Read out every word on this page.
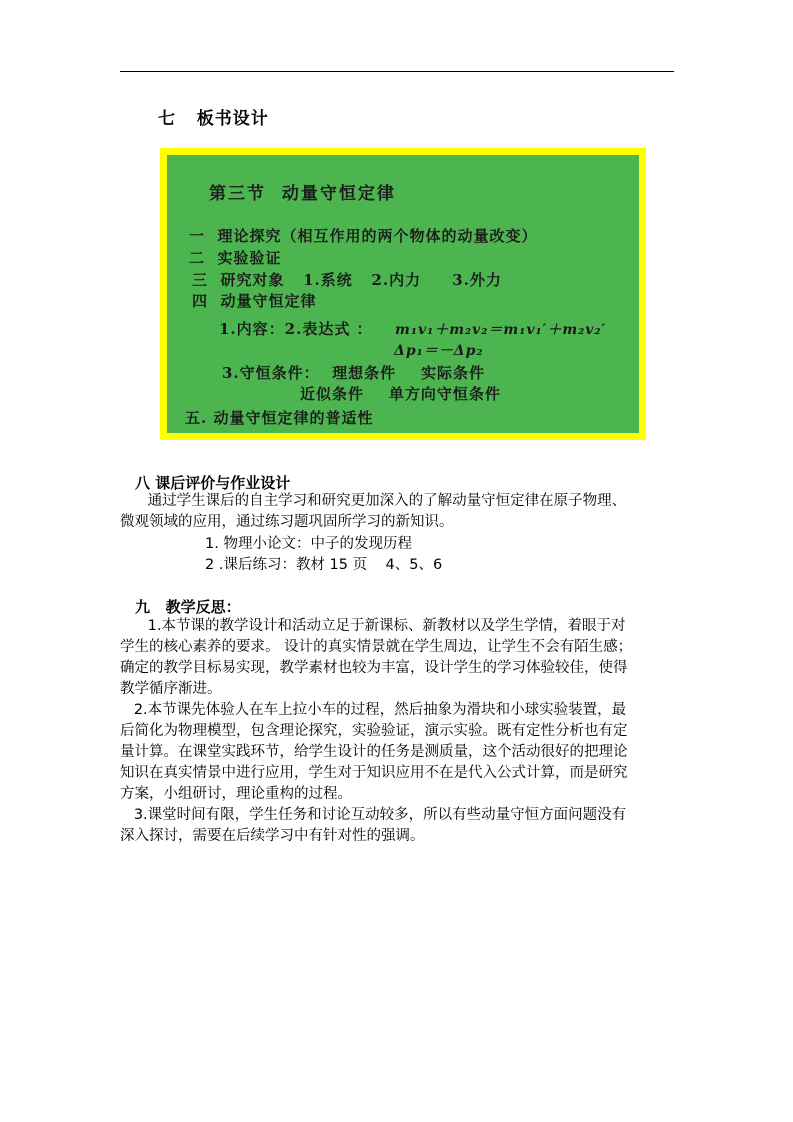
七   板书设计
第三节  动量守恒定律
一  理论探究（相互作用的两个物体的动量改变）
二  实验验证
三  研究对象   1.系统   2.内力     3.外力
四  动量守恒定律
1.内容：2.表达式 ： m₁v₁＋m₂v₂＝m₁v₁′＋m₂v₂′
Δp₁＝－Δp₂
3.守恒条件：  理想条件    实际条件
近似条件    单方向守恒条件
五. 动量守恒定律的普适性
八 课后评价与作业设计
通过学生课后的自主学习和研究更加深入的了解动量守恒定律在原子物理、
微观领域的应用，通过练习题巩固所学习的新知识。
1. 物理小论文：中子的发现历程
2 .课后练习：教材 15 页    4、5、6
九   教学反思：
1.本节课的教学设计和活动立足于新课标、新教材以及学生学情，着眼于对
学生的核心素养的要求。 设计的真实情景就在学生周边，让学生不会有陌生感；
确定的教学目标易实现，教学素材也较为丰富，设计学生的学习体验较佳，使得
教学循序渐进。
2.本节课先体验人在车上拉小车的过程，然后抽象为滑块和小球实验装置，最
后简化为物理模型，包含理论探究，实验验证，演示实验。既有定性分析也有定
量计算。在课堂实践环节，给学生设计的任务是测质量，这个活动很好的把理论
知识在真实情景中进行应用，学生对于知识应用不在是代入公式计算，而是研究
方案，小组研讨，理论重构的过程。
3.课堂时间有限，学生任务和讨论互动较多，所以有些动量守恒方面问题没有
深入探讨，需要在后续学习中有针对性的强调。
